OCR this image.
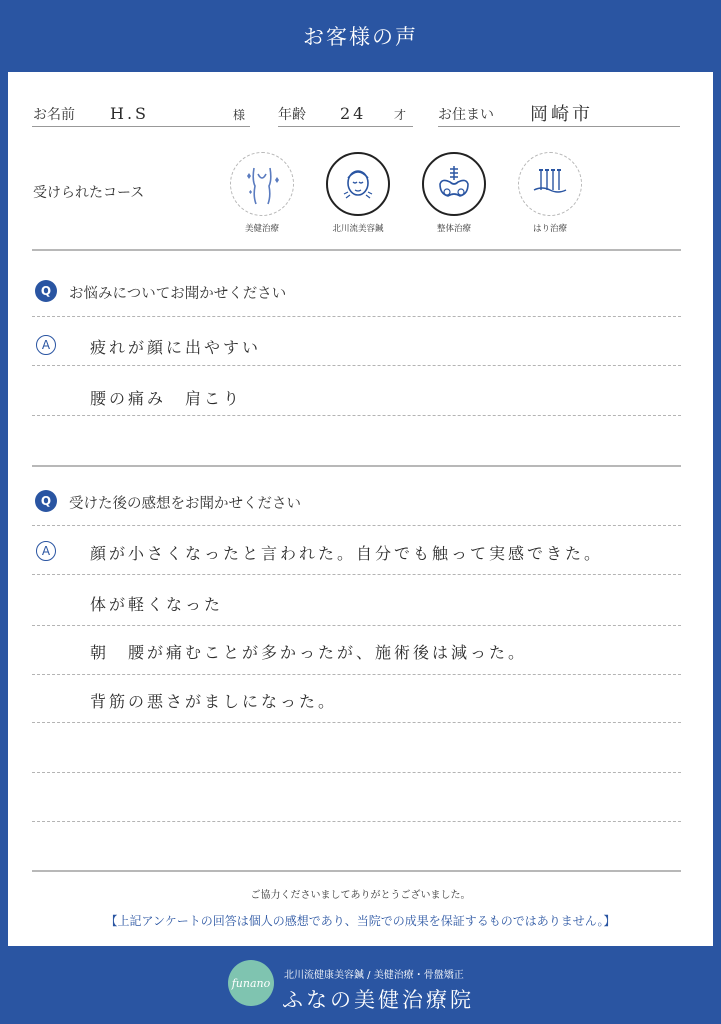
お客様の声
お名前 H.S	様 年齢 24 才 お住まい 岡崎市
受けられたコース
美健治療	北川流美容鍼	整体治療	はり治療
Q	お悩みについてお聞かせください
A	疲れが顔に出やすい
腰の痛み　肩こり
Q	受けた後の感想をお聞かせください
A	顔が小さくなったと言われた。自分でも触って実感できた。
体が軽くなった
朝　腰が痛むことが多かったが、施術後は減った。
背筋の悪さがましになった。
ご協力くださいましてありがとうございました。
【上記アンケートの回答は個人の感想であり、当院での成果を保証するものではありません。】
funano
北川流健康美容鍼 / 美健治療・骨盤矯正
ふなの美健治療院
